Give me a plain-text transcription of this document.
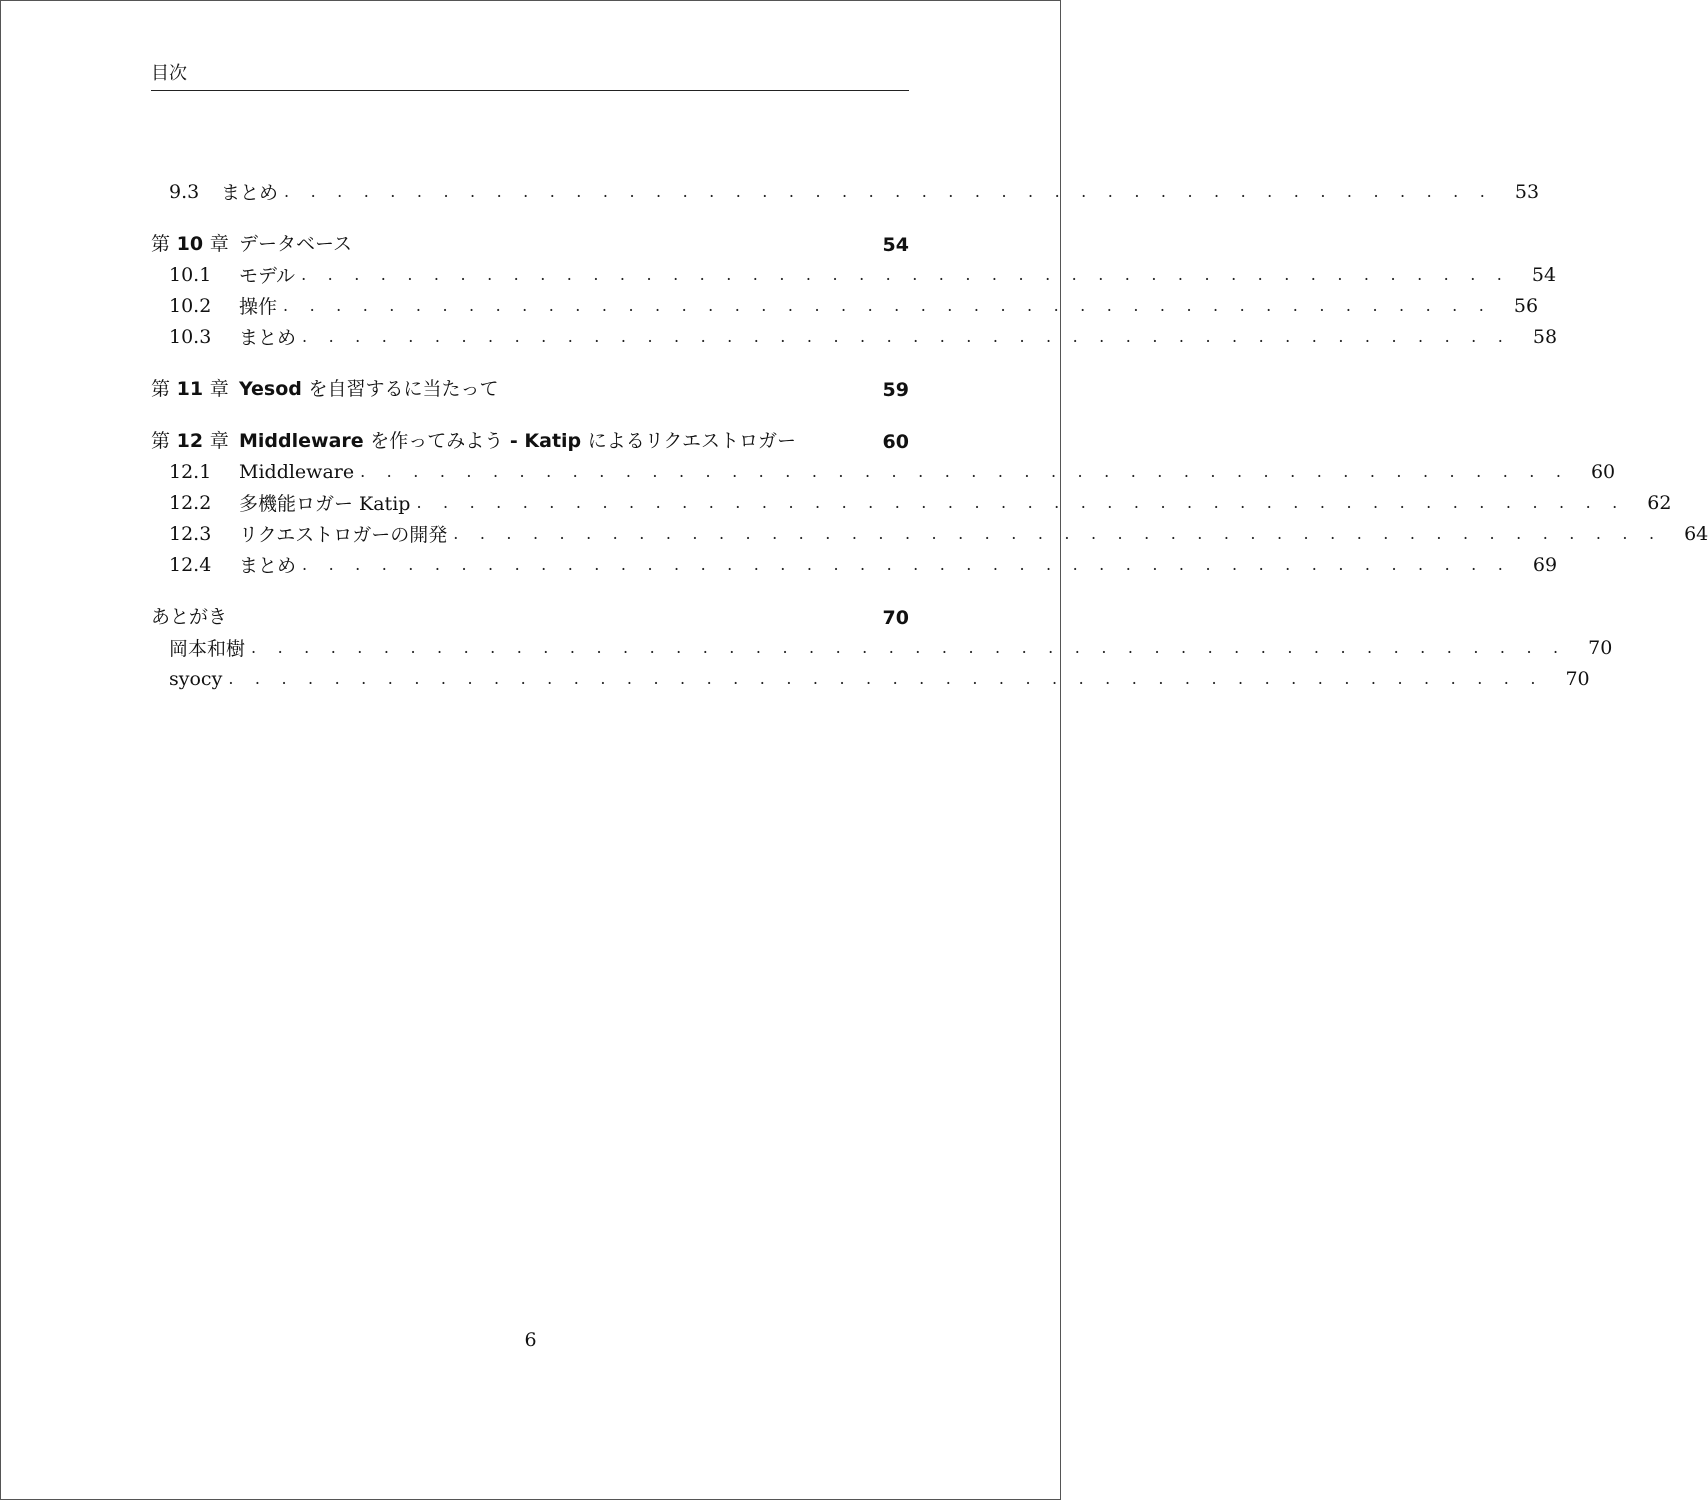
目次
9.3	まとめ . . . . . . . . . . . . . . . . . . . . . . . . . . . . . . . . . . . . . . . . . . . . . .	53
第 10 章 データベース	54
10.1	モデル . . . . . . . . . . . . . . . . . . . . . . . . . . . . . . . . . . . . . . . . . . . . . .	54
10.2	操作 . . . . . . . . . . . . . . . . . . . . . . . . . . . . . . . . . . . . . . . . . . . . . .	56
10.3	まとめ . . . . . . . . . . . . . . . . . . . . . . . . . . . . . . . . . . . . . . . . . . . . . .	58
第 11 章 Yesod を自習するに当たって	59
第 12 章 Middleware を作ってみよう - Katip によるリクエストロガー	60
12.1	Middleware . . . . . . . . . . . . . . . . . . . . . . . . . . . . . . . . . . . . . . . . . . . . . .	60
12.2	多機能ロガー Katip . . . . . . . . . . . . . . . . . . . . . . . . . . . . . . . . . . . . . . . . . . . . . .	62
12.3	リクエストロガーの開発 . . . . . . . . . . . . . . . . . . . . . . . . . . . . . . . . . . . . . . . . . . . . . .	64
12.4	まとめ . . . . . . . . . . . . . . . . . . . . . . . . . . . . . . . . . . . . . . . . . . . . . .	69
あとがき	70
岡本和樹 . . . . . . . . . . . . . . . . . . . . . . . . . . . . . . . . . . . . . . . . . . . . . . . . . .	70
syocy . . . . . . . . . . . . . . . . . . . . . . . . . . . . . . . . . . . . . . . . . . . . . . . . . .	70
6
